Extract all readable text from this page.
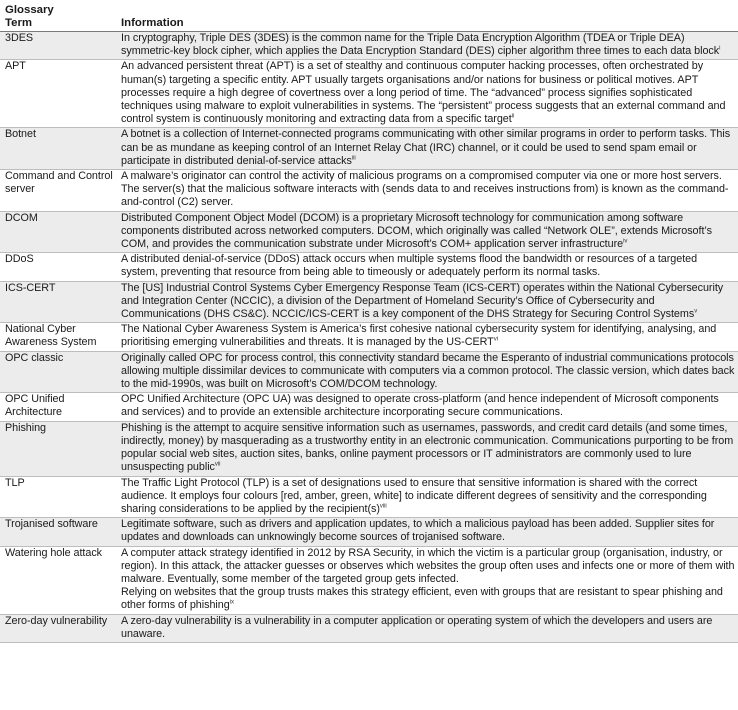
Glossary
Term	Information
3DES	In cryptography, Triple DES (3DES) is the common name for the Triple Data Encryption Algorithm (TDEA or Triple DEA) symmetric-key block cipher, which applies the Data Encryption Standard (DES) cipher algorithm three times to each data block$^i$

APT	An advanced persistent threat (APT) is a set of stealthy and continuous computer hacking processes, often orchestrated by human(s) targeting a specific entity. APT usually targets organisations and/or nations for business or political motives. APT processes require a high degree of covertness over a long period of time. The “advanced” process signifies sophisticated techniques using malware to exploit vulnerabilities in systems. The “persistent” process suggests that an external command and control system is continuously monitoring and extracting data from a specific target$^{ii}$

Botnet	A botnet is a collection of Internet-connected programs communicating with other similar programs in order to perform tasks. This can be as mundane as keeping control of an Internet Relay Chat (IRC) channel, or it could be used to send spam email or participate in distributed denial-of-service attacks$^{iii}$

Command and Control server	A malware’s originator can control the activity of malicious programs on a compromised computer via one or more host servers. The server(s) that the malicious software interacts with (sends data to and receives instructions from) is known as the command-and-control (C2) server.

DCOM	Distributed Component Object Model (DCOM) is a proprietary Microsoft technology for communication among software components distributed across networked computers. DCOM, which originally was called “Network OLE”, extends Microsoft’s COM, and provides the communication substrate under Microsoft’s COM+ application server infrastructure$^{iv}$

DDoS	A distributed denial-of-service (DDoS) attack occurs when multiple systems flood the bandwidth or resources of a targeted system, preventing that resource from being able to timeously or adequately perform its normal tasks.

ICS-CERT	The [US] Industrial Control Systems Cyber Emergency Response Team (ICS-CERT) operates within the National Cybersecurity and Integration Center (NCCIC), a division of the Department of Homeland Security’s Office of Cybersecurity and Communications (DHS CS&C). NCCIC/ICS-CERT is a key component of the DHS Strategy for Securing Control Systems$^v$

National Cyber Awareness System	The National Cyber Awareness System is America’s first cohesive national cybersecurity system for identifying, analysing, and prioritising emerging vulnerabilities and threats. It is managed by the US-CERT$^{vi}$

OPC classic	Originally called OPC for process control, this connectivity standard became the Esperanto of industrial communications protocols allowing multiple dissimilar devices to communicate with computers via a common protocol. The classic version, which dates back to the mid-1990s, was built on Microsoft’s COM/DCOM technology.

OPC Unified Architecture	OPC Unified Architecture (OPC UA) was designed to operate cross-platform (and hence independent of Microsoft components and services) and to provide an extensible architecture incorporating secure communications.

Phishing	Phishing is the attempt to acquire sensitive information such as usernames, passwords, and credit card details (and some times, indirectly, money) by masquerading as a trustworthy entity in an electronic communication. Communications purporting to be from popular social web sites, auction sites, banks, online payment processors or IT administrators are commonly used to lure unsuspecting public$^{vii}$

TLP	The Traffic Light Protocol (TLP) is a set of designations used to ensure that sensitive information is shared with the correct audience. It employs four colours [red, amber, green, white] to indicate different degrees of sensitivity and the corresponding sharing considerations to be applied by the recipient(s)$^{viii}$

Trojanised software	Legitimate software, such as drivers and application updates, to which a malicious payload has been added. Supplier sites for updates and downloads can unknowingly become sources of trojanised software.

Watering hole attack	A computer attack strategy identified in 2012 by RSA Security, in which the victim is a particular group (organisation, industry, or region). In this attack, the attacker guesses or observes which websites the group often uses and infects one or more of them with malware. Eventually, some member of the targeted group gets infected.
Relying on websites that the group trusts makes this strategy efficient, even with groups that are resistant to spear phishing and other forms of phishing$^{ix}$

Zero-day vulnerability	A zero-day vulnerability is a vulnerability in a computer application or operating system of which the developers and users are unaware.
